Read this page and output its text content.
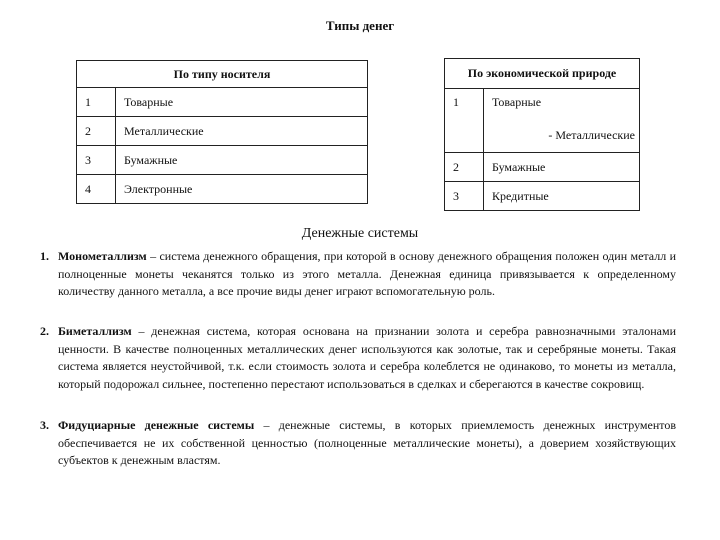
Типы денег
По типу носителя	
1	Товарные
2	Металлические
3	Бумажные
4	Электронные
По экономической природе	
1	Товарные
- Металлические

2	Бумажные
3	Кредитные
Денежные системы
1. Монометаллизм – система денежного обращения, при которой в основу денежного обращения положен один металл и полноценные монеты чеканятся только из этого металла. Денежная единица привязывается к определенному количеству данного металла, а все прочие виды денег играют вспомогательную роль.
2. Биметаллизм – денежная система, которая основана на признании золота и серебра равнозначными эталонами ценности. В качестве полноценных металлических денег используются как золотые, так и серебряные монеты. Такая система является неустойчивой, т.к. если стоимость золота и серебра колеблется не одинаково, то монеты из металла, который подорожал сильнее, постепенно перестают использоваться в сделках и сберегаются в качестве сокровищ.
3. Фидуциарные денежные системы – денежные системы, в которых приемлемость денежных инструментов обеспечивается не их собственной ценностью (полноценные металлические монеты), а доверием хозяйствующих субъектов к денежным властям.
